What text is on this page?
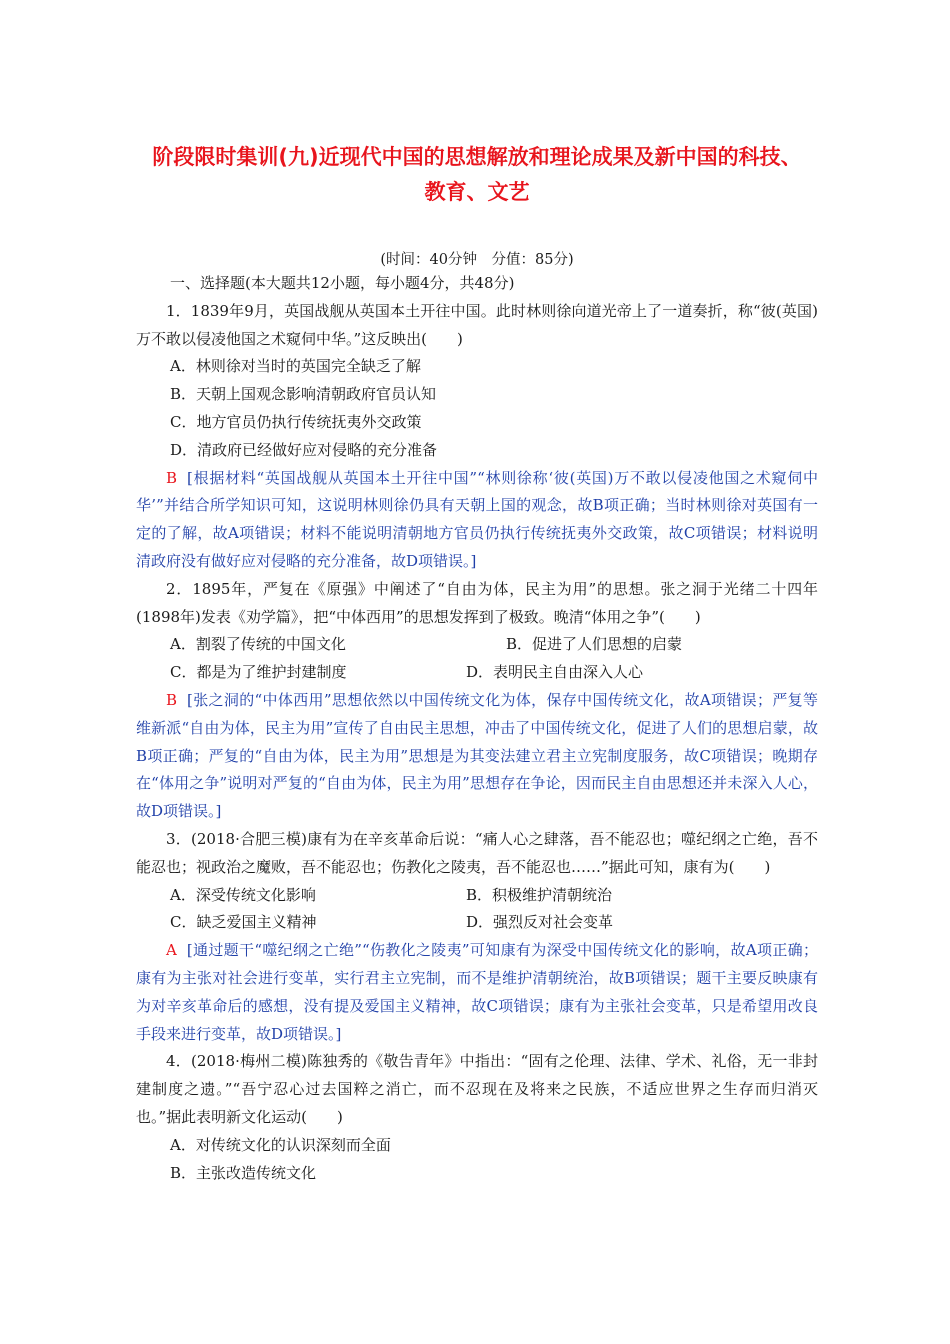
阶段限时集训(九)近现代中国的思想解放和理论成果及新中国的科技、
教育、文艺
(时间：40分钟　分值：85分)
一、选择题(本大题共12小题，每小题4分，共48分)
1．1839年9月，英国战舰从英国本土开往中国。此时林则徐向道光帝上了一道奏折，称“彼(英国)万不敢以侵凌他国之术窥伺中华。”这反映出(　　)
A．林则徐对当时的英国完全缺乏了解
B．天朝上国观念影响清朝政府官员认知
C．地方官员仍执行传统抚夷外交政策
D．清政府已经做好应对侵略的充分准备
B [根据材料“英国战舰从英国本土开往中国”“林则徐称‘彼(英国)万不敢以侵凌他国之术窥伺中华’”并结合所学知识可知，这说明林则徐仍具有天朝上国的观念，故B项正确；当时林则徐对英国有一定的了解，故A项错误；材料不能说明清朝地方官员仍执行传统抚夷外交政策，故C项错误；材料说明清政府没有做好应对侵略的充分准备，故D项错误。]
2．1895年，严复在《原强》中阐述了“自由为体，民主为用”的思想。张之洞于光绪二十四年(1898年)发表《劝学篇》，把“中体西用”的思想发挥到了极致。晚清“体用之争”(　　)
A．割裂了传统的中国文化	B．促进了人们思想的启蒙
C．都是为了维护封建制度	D．表明民主自由深入人心
B [张之洞的“中体西用”思想依然以中国传统文化为体，保存中国传统文化，故A项错误；严复等维新派“自由为体，民主为用”宣传了自由民主思想，冲击了中国传统文化，促进了人们的思想启蒙，故B项正确；严复的“自由为体，民主为用”思想是为其变法建立君主立宪制度服务，故C项错误；晚期存在“体用之争”说明对严复的“自由为体，民主为用”思想存在争论，因而民主自由思想还并未深入人心，故D项错误。]
3．(2018·合肥三模)康有为在辛亥革命后说：“痛人心之肆落，吾不能忍也；噬纪纲之亡绝，吾不能忍也；视政治之魔败，吾不能忍也；伤教化之陵夷，吾不能忍也……”据此可知，康有为(　　)
A．深受传统文化影响	B．积极维护清朝统治
C．缺乏爱国主义精神	D．强烈反对社会变革
A [通过题干“噬纪纲之亡绝”“伤教化之陵夷”可知康有为深受中国传统文化的影响，故A项正确；康有为主张对社会进行变革，实行君主立宪制，而不是维护清朝统治，故B项错误；题干主要反映康有为对辛亥革命后的感想，没有提及爱国主义精神，故C项错误；康有为主张社会变革，只是希望用改良手段来进行变革，故D项错误。]
4．(2018·梅州二模)陈独秀的《敬告青年》中指出：“固有之伦理、法律、学术、礼俗，无一非封建制度之遗。”“吾宁忍心过去国粹之消亡，而不忍现在及将来之民族，不适应世界之生存而归消灭也。”据此表明新文化运动(　　)
A．对传统文化的认识深刻而全面
B．主张改造传统文化
